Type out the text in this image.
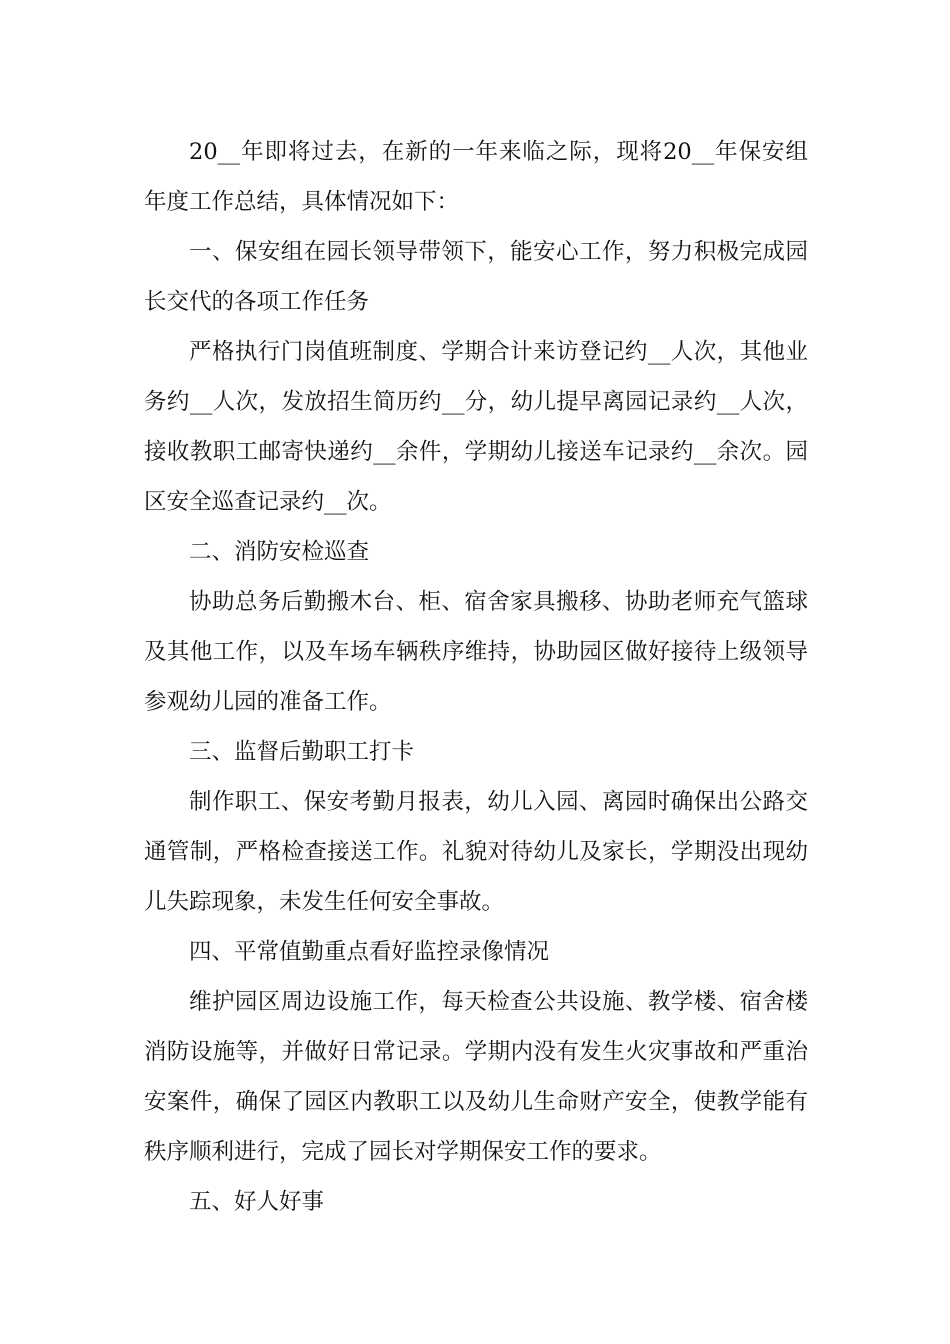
20__年即将过去，在新的一年来临之际，现将20__年保安组年度工作总结，具体情况如下：

一、保安组在园长领导带领下，能安心工作，努力积极完成园长交代的各项工作任务

严格执行门岗值班制度、学期合计来访登记约__人次，其他业务约__人次，发放招生简历约__分，幼儿提早离园记录约__人次，接收教职工邮寄快递约__余件，学期幼儿接送车记录约__余次。园区安全巡查记录约__次。

二、消防安检巡查

协助总务后勤搬木台、柜、宿舍家具搬移、协助老师充气篮球及其他工作，以及车场车辆秩序维持，协助园区做好接待上级领导参观幼儿园的准备工作。

三、监督后勤职工打卡

制作职工、保安考勤月报表，幼儿入园、离园时确保出公路交通管制，严格检查接送工作。礼貌对待幼儿及家长，学期没出现幼儿失踪现象，未发生任何安全事故。

四、平常值勤重点看好监控录像情况

维护园区周边设施工作，每天检查公共设施、教学楼、宿舍楼消防设施等，并做好日常记录。学期内没有发生火灾事故和严重治安案件，确保了园区内教职工以及幼儿生命财产安全，使教学能有秩序顺利进行，完成了园长对学期保安工作的要求。

五、好人好事
